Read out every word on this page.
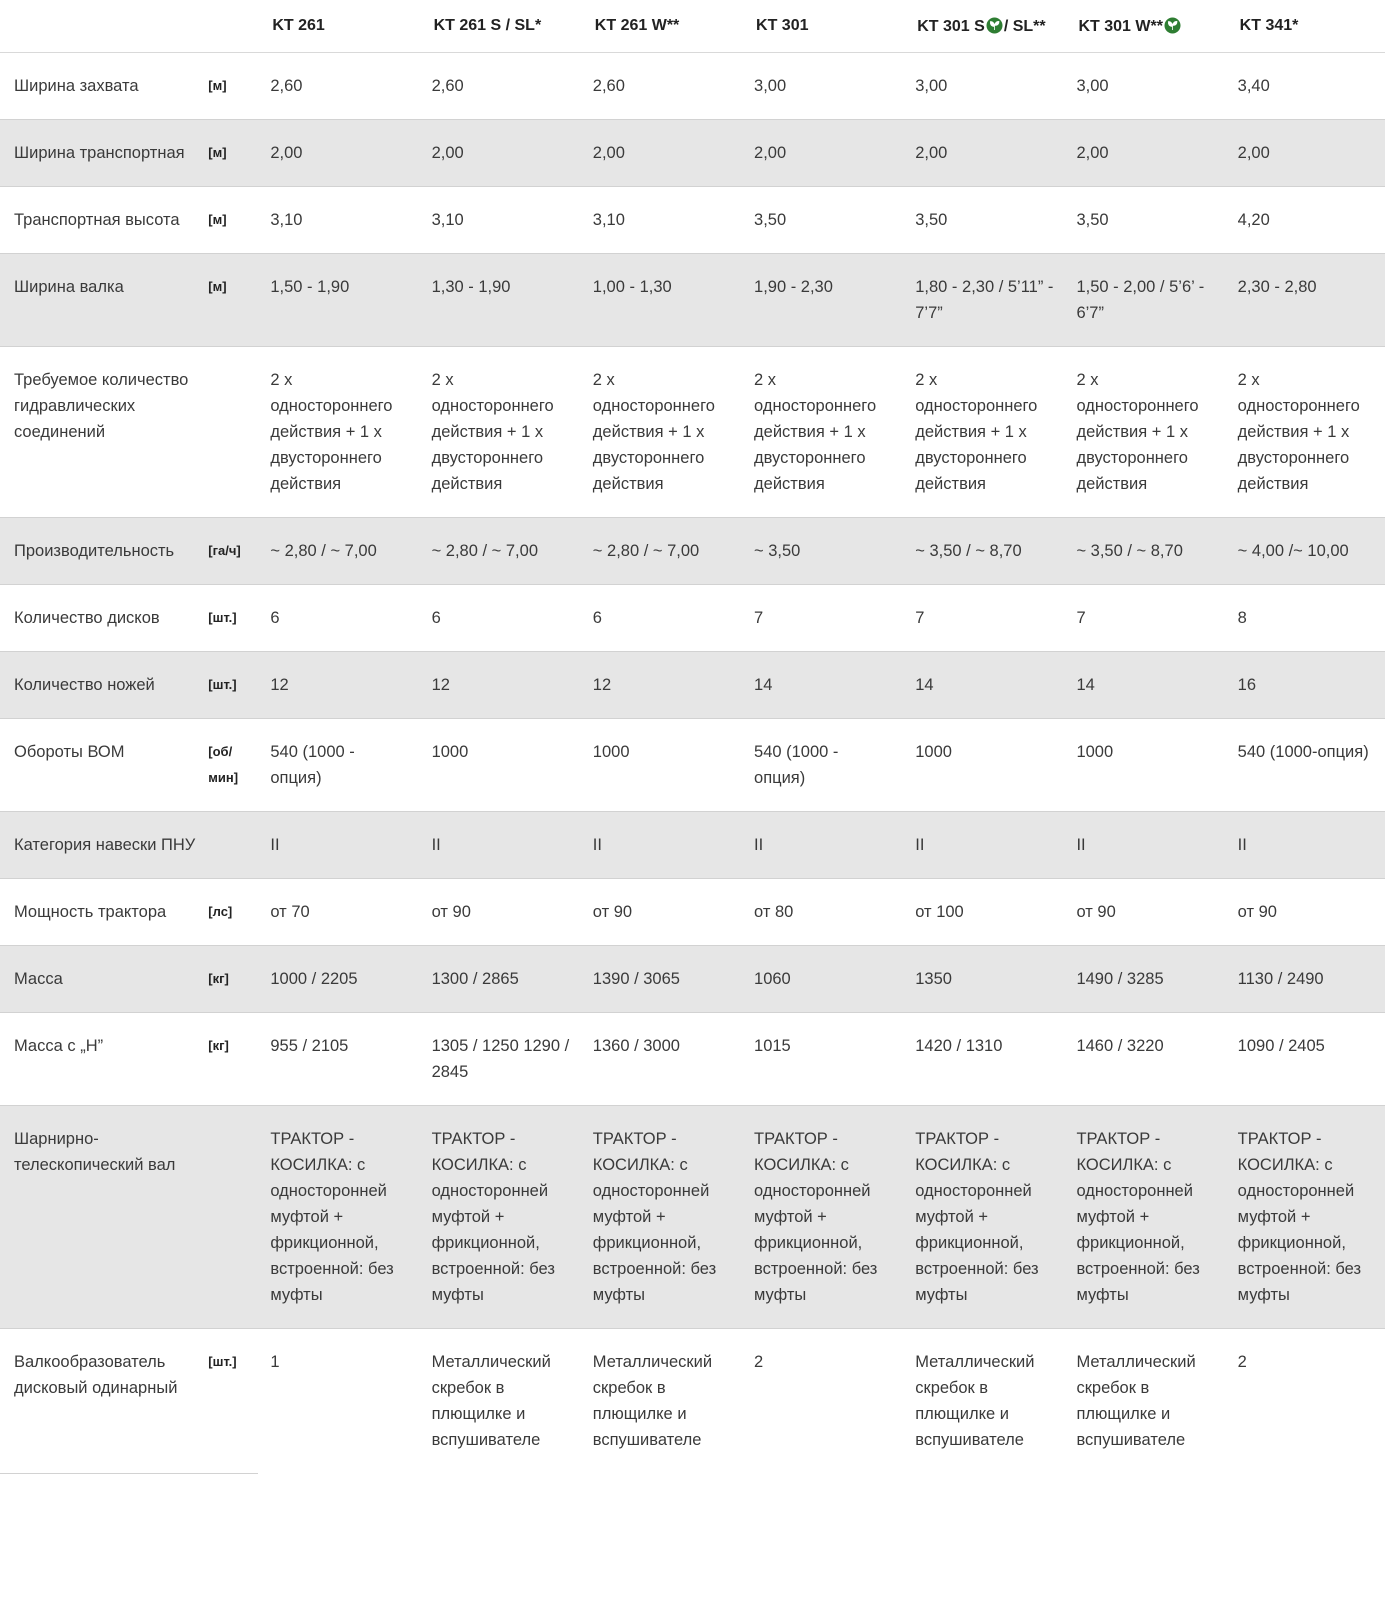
		KT 261	KT 261 S / SL*	KT 261 W**	KT 301	KT 301 S / SL**	KT 301 W**	KT 341*
Ширина захвата	[м]	2,60	2,60	2,60	3,00	3,00	3,00	3,40
Ширина транспортная	[м]	2,00	2,00	2,00	2,00	2,00	2,00	2,00
Транспортная высота	[м]	3,10	3,10	3,10	3,50	3,50	3,50	4,20
Ширина валка	[м]	1,50 - 1,90	1,30 - 1,90	1,00 - 1,30	1,90 - 2,30	1,80 - 2,30 / 5’11” - 7’7”	1,50 - 2,00 / 5’6’ - 6’7”	2,30 - 2,80
Требуемое количество гидравлических соединений		2 x одностороннего действия + 1 x двустороннего действия	2 x одностороннего действия + 1 x двустороннего действия	2 x одностороннего действия + 1 x двустороннего действия	2 x одностороннего действия + 1 x двустороннего действия	2 x одностороннего действия + 1 x двустороннего действия	2 x одностороннего действия + 1 x двустороннего действия	2 x одностороннего действия + 1 x двустороннего действия
Производительность	[га/ч]	~ 2,80 / ~ 7,00	~ 2,80 / ~ 7,00	~ 2,80 / ~ 7,00	~ 3,50	~ 3,50 / ~ 8,70	~ 3,50 / ~ 8,70	~ 4,00 /~ 10,00
Количество дисков	[шт.]	6	6	6	7	7	7	8
Количество ножей	[шт.]	12	12	12	14	14	14	16
Обороты ВОМ	[об/мин]	540 (1000 - опция)	1000	1000	540 (1000 - опция)	1000	1000	540 (1000-опция)
Категория навески ПНУ		II	II	II	II	II	II	II
Мощность трактора	[лс]	от 70	от 90	от 90	от 80	от 100	от 90	от 90
Масса	[кг]	1000 / 2205	1300 / 2865	1390 / 3065	1060	1350	1490 / 3285	1130 / 2490
Масса с „H”	[кг]	955 / 2105	1305 / 1250 1290 / 2845	1360 / 3000	1015	1420 / 1310	1460 / 3220	1090 / 2405
Шарнирно-телескопический вал		ТРАКТОР - КОСИЛКА: с односторонней муфтой + фрикционной, встроенной: без муфты	ТРАКТОР - КОСИЛКА: с односторонней муфтой + фрикционной, встроенной: без муфты	ТРАКТОР - КОСИЛКА: с односторонней муфтой + фрикционной, встроенной: без муфты	ТРАКТОР - КОСИЛКА: с односторонней муфтой + фрикционной, встроенной: без муфты	ТРАКТОР - КОСИЛКА: с односторонней муфтой + фрикционной, встроенной: без муфты	ТРАКТОР - КОСИЛКА: с односторонней муфтой + фрикционной, встроенной: без муфты	ТРАКТОР - КОСИЛКА: с односторонней муфтой + фрикционной, встроенной: без муфты
Валкообразователь дисковый одинарный	[шт.]	1	Металлический скребок в плющилке и вспушивателе	Металлический скребок в плющилке и вспушивателе	2	Металлический скребок в плющилке и вспушивателе	Металлический скребок в плющилке и вспушивателе	2
